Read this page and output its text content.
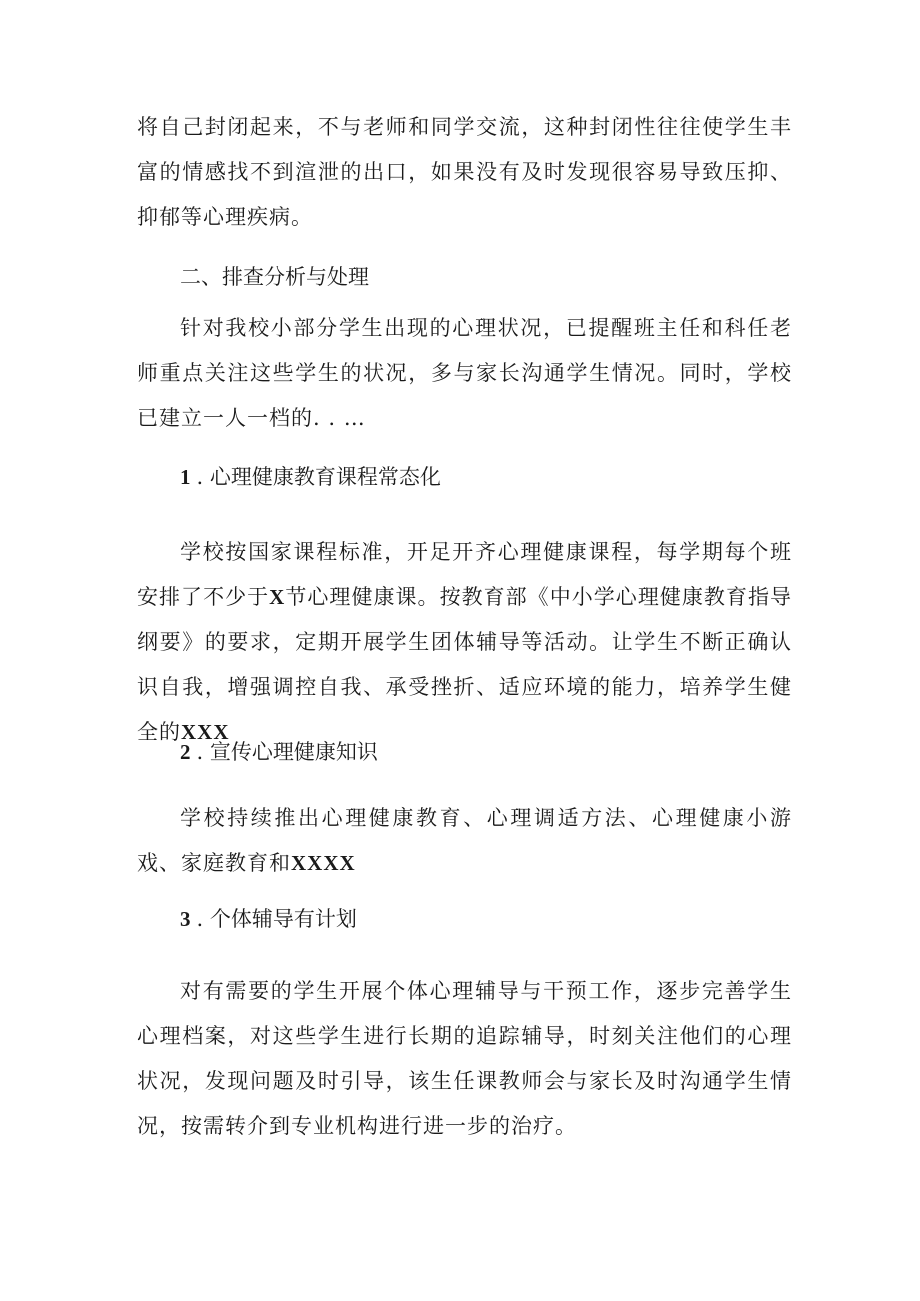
将自己封闭起来，不与老师和同学交流，这种封闭性往往使学生丰富的情感找不到渲泄的出口，如果没有及时发现很容易导致压抑、抑郁等心理疾病。

二、排查分析与处理

针对我校小部分学生出现的心理状况，已提醒班主任和科任老师重点关注这些学生的状况，多与家长沟通学生情况。同时，学校已建立一人一档的. . …

1 . 心理健康教育课程常态化

学校按国家课程标准，开足开齐心理健康课程，每学期每个班安排了不少于X节心理健康课。按教育部《中小学心理健康教育指导纲要》的要求，定期开展学生团体辅导等活动。让学生不断正确认识自我，增强调控自我、承受挫折、适应环境的能力，培养学生健全的XXX

2 . 宣传心理健康知识

学校持续推出心理健康教育、心理调适方法、心理健康小游戏、家庭教育和XXXX

3 . 个体辅导有计划

对有需要的学生开展个体心理辅导与干预工作，逐步完善学生心理档案，对这些学生进行长期的追踪辅导，时刻关注他们的心理状况，发现问题及时引导，该生任课教师会与家长及时沟通学生情况，按需转介到专业机构进行进一步的治疗。
